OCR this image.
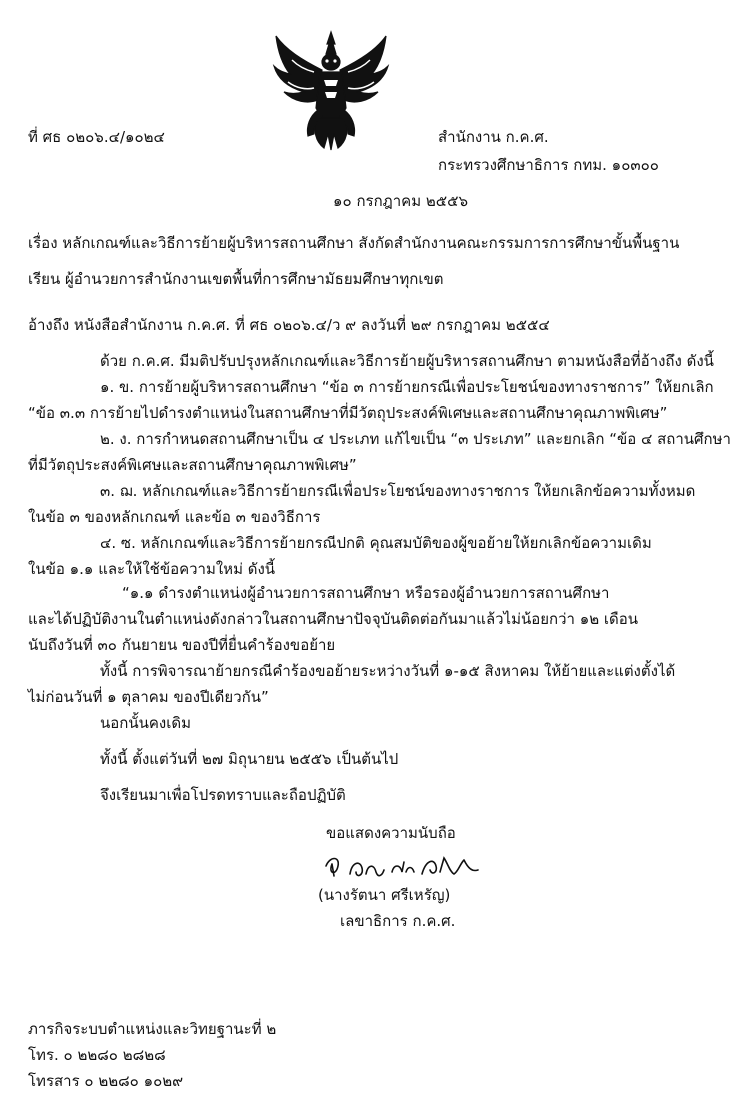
ที่ ศธ ๐๒๐๖.๔/๑๐๒๔	สำนักงาน ก.ค.ศ.
กระทรวงศึกษาธิการ กทม. ๑๐๓๐๐
๑๐ กรกฎาคม ๒๕๕๖
เรื่อง หลักเกณฑ์และวิธีการย้ายผู้บริหารสถานศึกษา สังกัดสำนักงานคณะกรรมการการศึกษาขั้นพื้นฐาน
เรียน ผู้อำนวยการสำนักงานเขตพื้นที่การศึกษามัธยมศึกษาทุกเขต
อ้างถึง หนังสือสำนักงาน ก.ค.ศ. ที่ ศธ ๐๒๐๖.๔/ว ๙ ลงวันที่ ๒๙ กรกฎาคม ๒๕๕๔
ด้วย ก.ค.ศ. มีมติปรับปรุงหลักเกณฑ์และวิธีการย้ายผู้บริหารสถานศึกษา ตามหนังสือที่อ้างถึง ดังนี้
๑. ข. การย้ายผู้บริหารสถานศึกษา “ข้อ ๓ การย้ายกรณีเพื่อประโยชน์ของทางราชการ” ให้ยกเลิก
“ข้อ ๓.๓ การย้ายไปดำรงตำแหน่งในสถานศึกษาที่มีวัตถุประสงค์พิเศษและสถานศึกษาคุณภาพพิเศษ”
๒. ง. การกำหนดสถานศึกษาเป็น ๔ ประเภท แก้ไขเป็น “๓ ประเภท” และยกเลิก “ข้อ ๔ สถานศึกษา
ที่มีวัตถุประสงค์พิเศษและสถานศึกษาคุณภาพพิเศษ”
๓. ฌ. หลักเกณฑ์และวิธีการย้ายกรณีเพื่อประโยชน์ของทางราชการ ให้ยกเลิกข้อความทั้งหมด
ในข้อ ๓ ของหลักเกณฑ์ และข้อ ๓ ของวิธีการ
๔. ซ. หลักเกณฑ์และวิธีการย้ายกรณีปกติ คุณสมบัติของผู้ขอย้ายให้ยกเลิกข้อความเดิม
ในข้อ ๑.๑ และให้ใช้ข้อความใหม่ ดังนี้
“๑.๑ ดำรงตำแหน่งผู้อำนวยการสถานศึกษา หรือรองผู้อำนวยการสถานศึกษา
และได้ปฏิบัติงานในตำแหน่งดังกล่าวในสถานศึกษาปัจจุบันติดต่อกันมาแล้วไม่น้อยกว่า ๑๒ เดือน
นับถึงวันที่ ๓๐ กันยายน ของปีที่ยื่นคำร้องขอย้าย
ทั้งนี้ การพิจารณาย้ายกรณีคำร้องขอย้ายระหว่างวันที่ ๑-๑๕ สิงหาคม ให้ย้ายและแต่งตั้งได้
ไม่ก่อนวันที่ ๑ ตุลาคม ของปีเดียวกัน”
นอกนั้นคงเดิม
ทั้งนี้ ตั้งแต่วันที่ ๒๗ มิถุนายน ๒๕๕๖ เป็นต้นไป
จึงเรียนมาเพื่อโปรดทราบและถือปฏิบัติ
ขอแสดงความนับถือ
(นางรัตนา ศรีเหรัญ)
เลขาธิการ ก.ค.ศ.
ภารกิจระบบตำแหน่งและวิทยฐานะที่ ๒
โทร. ๐ ๒๒๘๐ ๒๘๒๘
โทรสาร ๐ ๒๒๘๐ ๑๐๒๙
